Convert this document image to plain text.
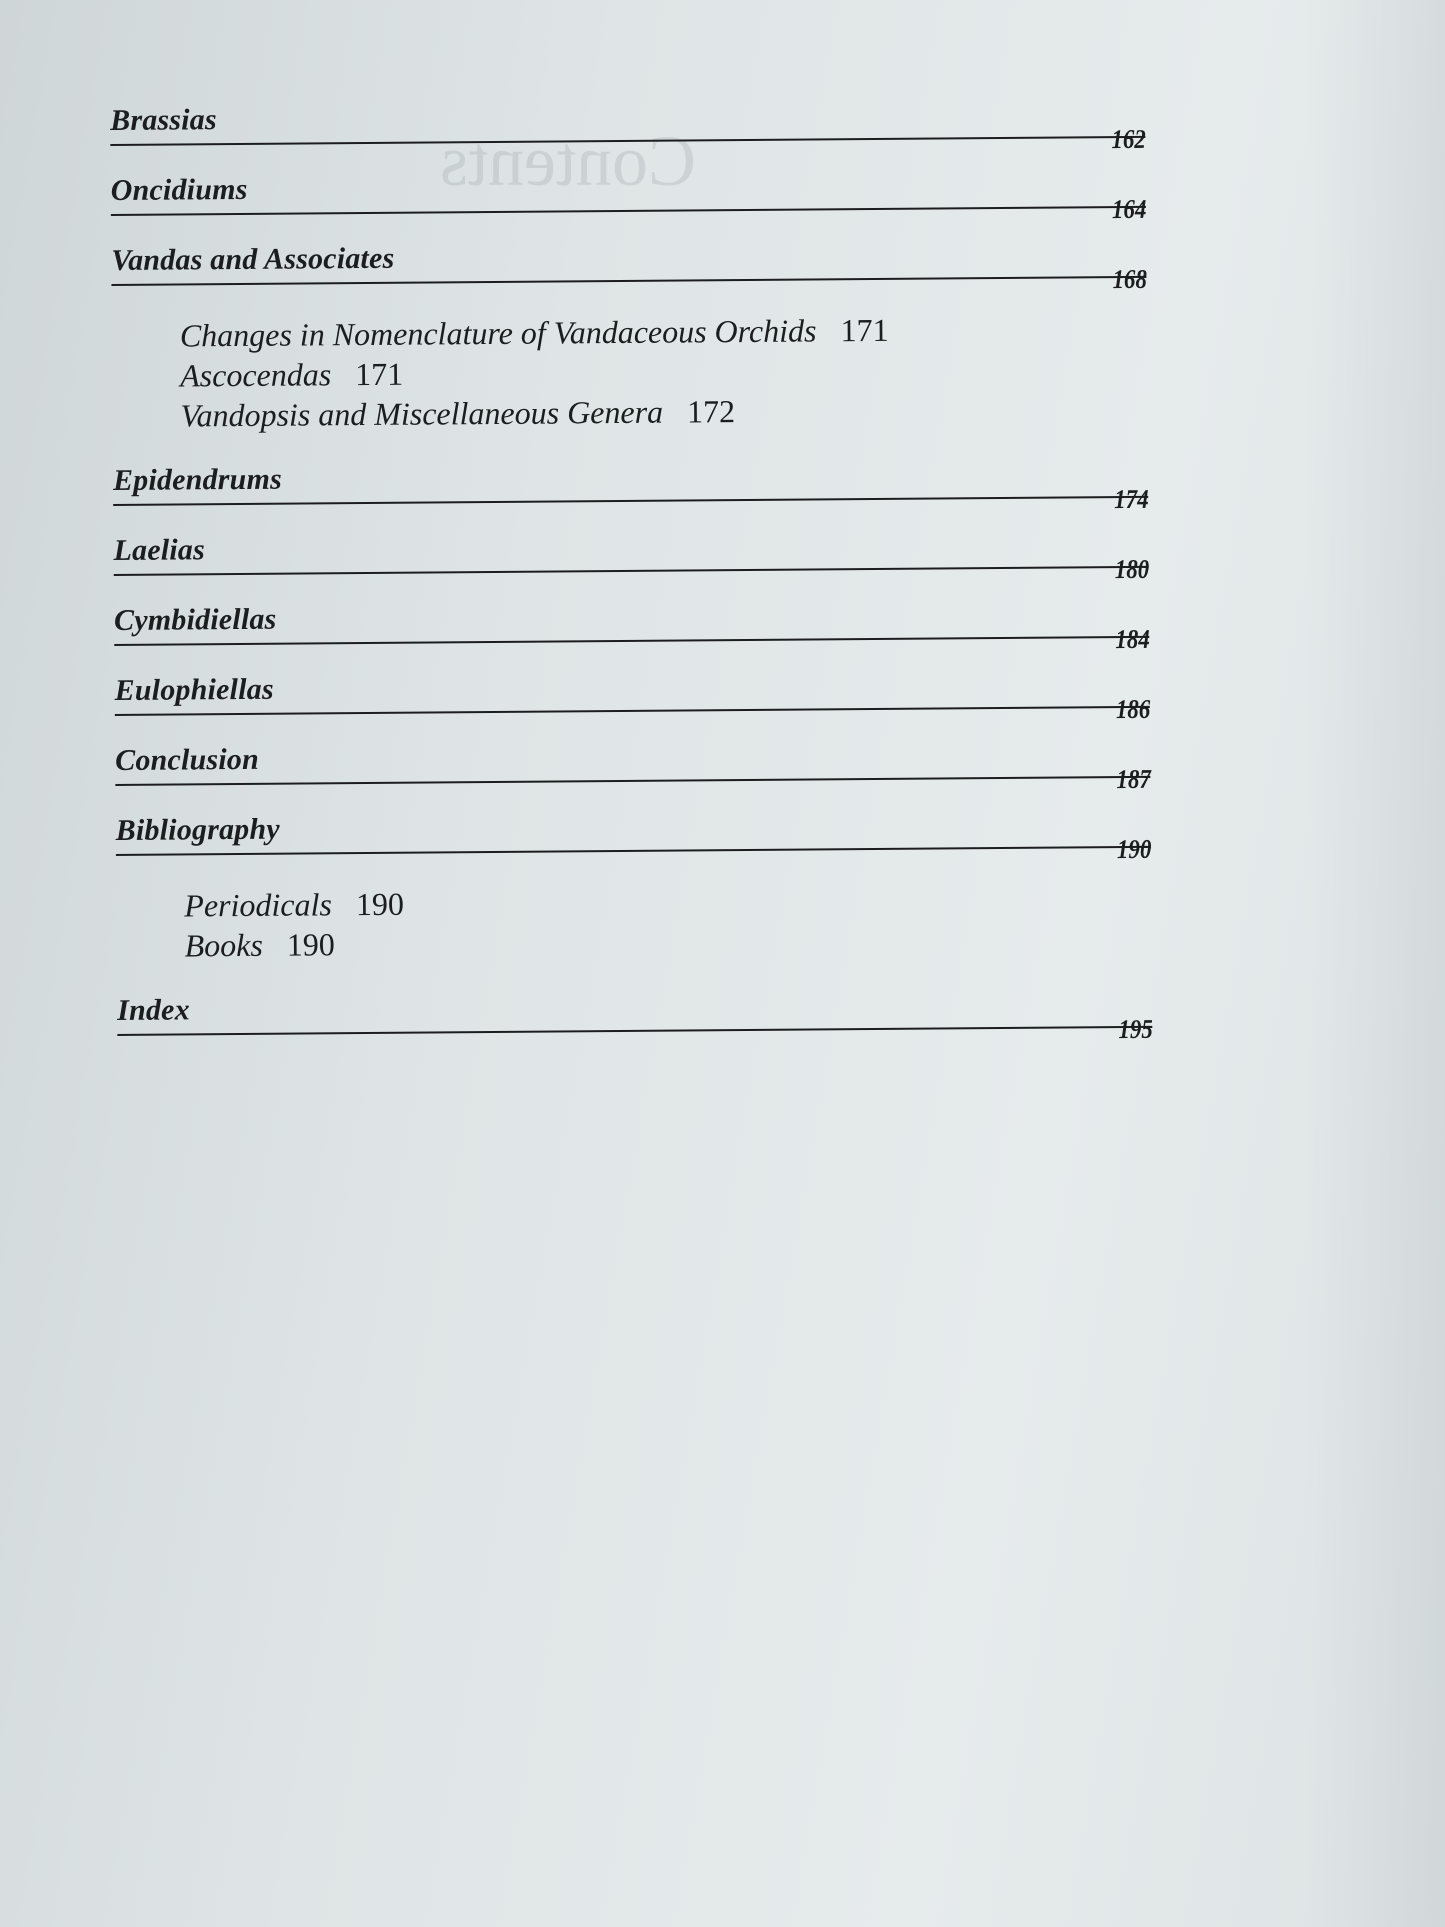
Contents
Brassias
162
Oncidiums
164
Vandas and Associates
168
Changes in Nomenclature of Vandaceous Orchids 171
Ascocendas 171
Vandopsis and Miscellaneous Genera 172
Epidendrums
174
Laelias
180
Cymbidiellas
184
Eulophiellas
186
Conclusion
187
Bibliography
190
Periodicals 190
Books 190
Index
195
